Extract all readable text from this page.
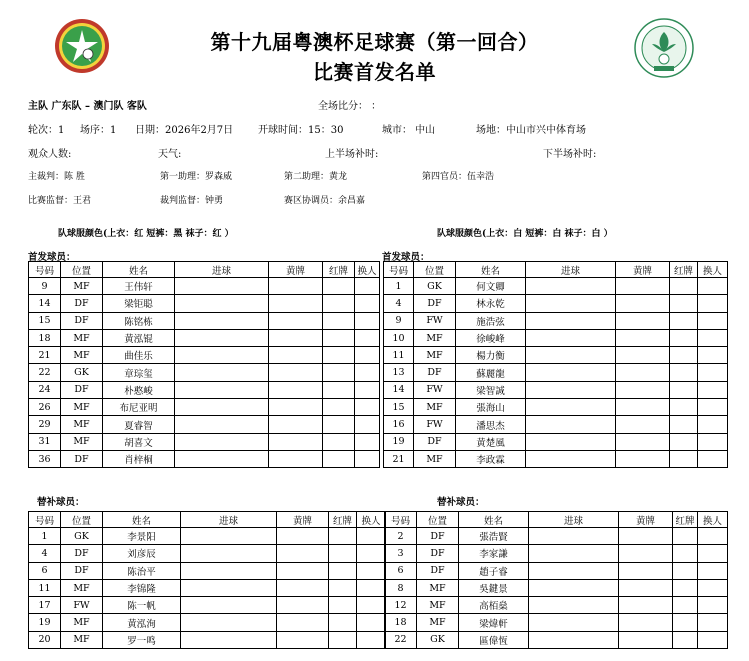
第十九届粤澳杯足球赛（第一回合）
比赛首发名单
主队 广东队 – 澳门队 客队	全场比分： ：
轮次：1 场序：1 日期：2026年2月7日 开球时间：15：30	城市： 中山	场地：中山市兴中体育场
观众人数:	天气:	上半场补时:	下半场补时:
主裁判：陈 胜	第一助理：罗森威	第二助理：黄龙	第四官员：伍幸浩
比赛监督：王君	裁判监督：钟勇	赛区协调员：余昌嘉
队球服颜色(上衣：红 短裤：黑 袜子：红 ）	队球服颜色(上衣：白 短裤：白 袜子：白 ）
首发球员：	首发球员：
替补球员：	替补球员：
号码	位置	姓名	进球	黄牌	红牌	换人
9	MF	王伟轩				
14	DF	梁钜聪				
15	DF	陈铭栋				
18	MF	黄泓锟				
21	MF	曲佳乐				
22	GK	章琮玺				
24	DF	朴憨峻				
26	MF	布尼亚明				
29	MF	夏睿智				
31	MF	胡喜文				
36	DF	肖梓桐				
号码	位置	姓名	进球	黄牌	红牌	换人
1	GK	何文卿				
4	DF	林永乾				
9	FW	施浩弦				
10	MF	徐峻峰				
11	MF	楊力衡				
13	DF	蘇麗龍				
14	FW	梁智誠				
15	MF	張海山				
16	FW	潘思杰				
19	DF	黄楚風				
21	MF	李政霖				
号码	位置	姓名	进球	黄牌	红牌	换人
1	GK	李景阳				
4	DF	刘彦辰				
6	DF	陈治平				
11	MF	李锦隆				
17	FW	陈一帆				
19	MF	黄泓洵				
20	MF	罗一鸣				
号码	位置	姓名	进球	黄牌	红牌	换人
2	DF	張浩賢				
3	DF	李家謙				
6	DF	趙子睿				
8	MF	吳鍵景				
12	MF	高栢燊				
18	MF	梁煒軒				
22	GK	區偉恆				
